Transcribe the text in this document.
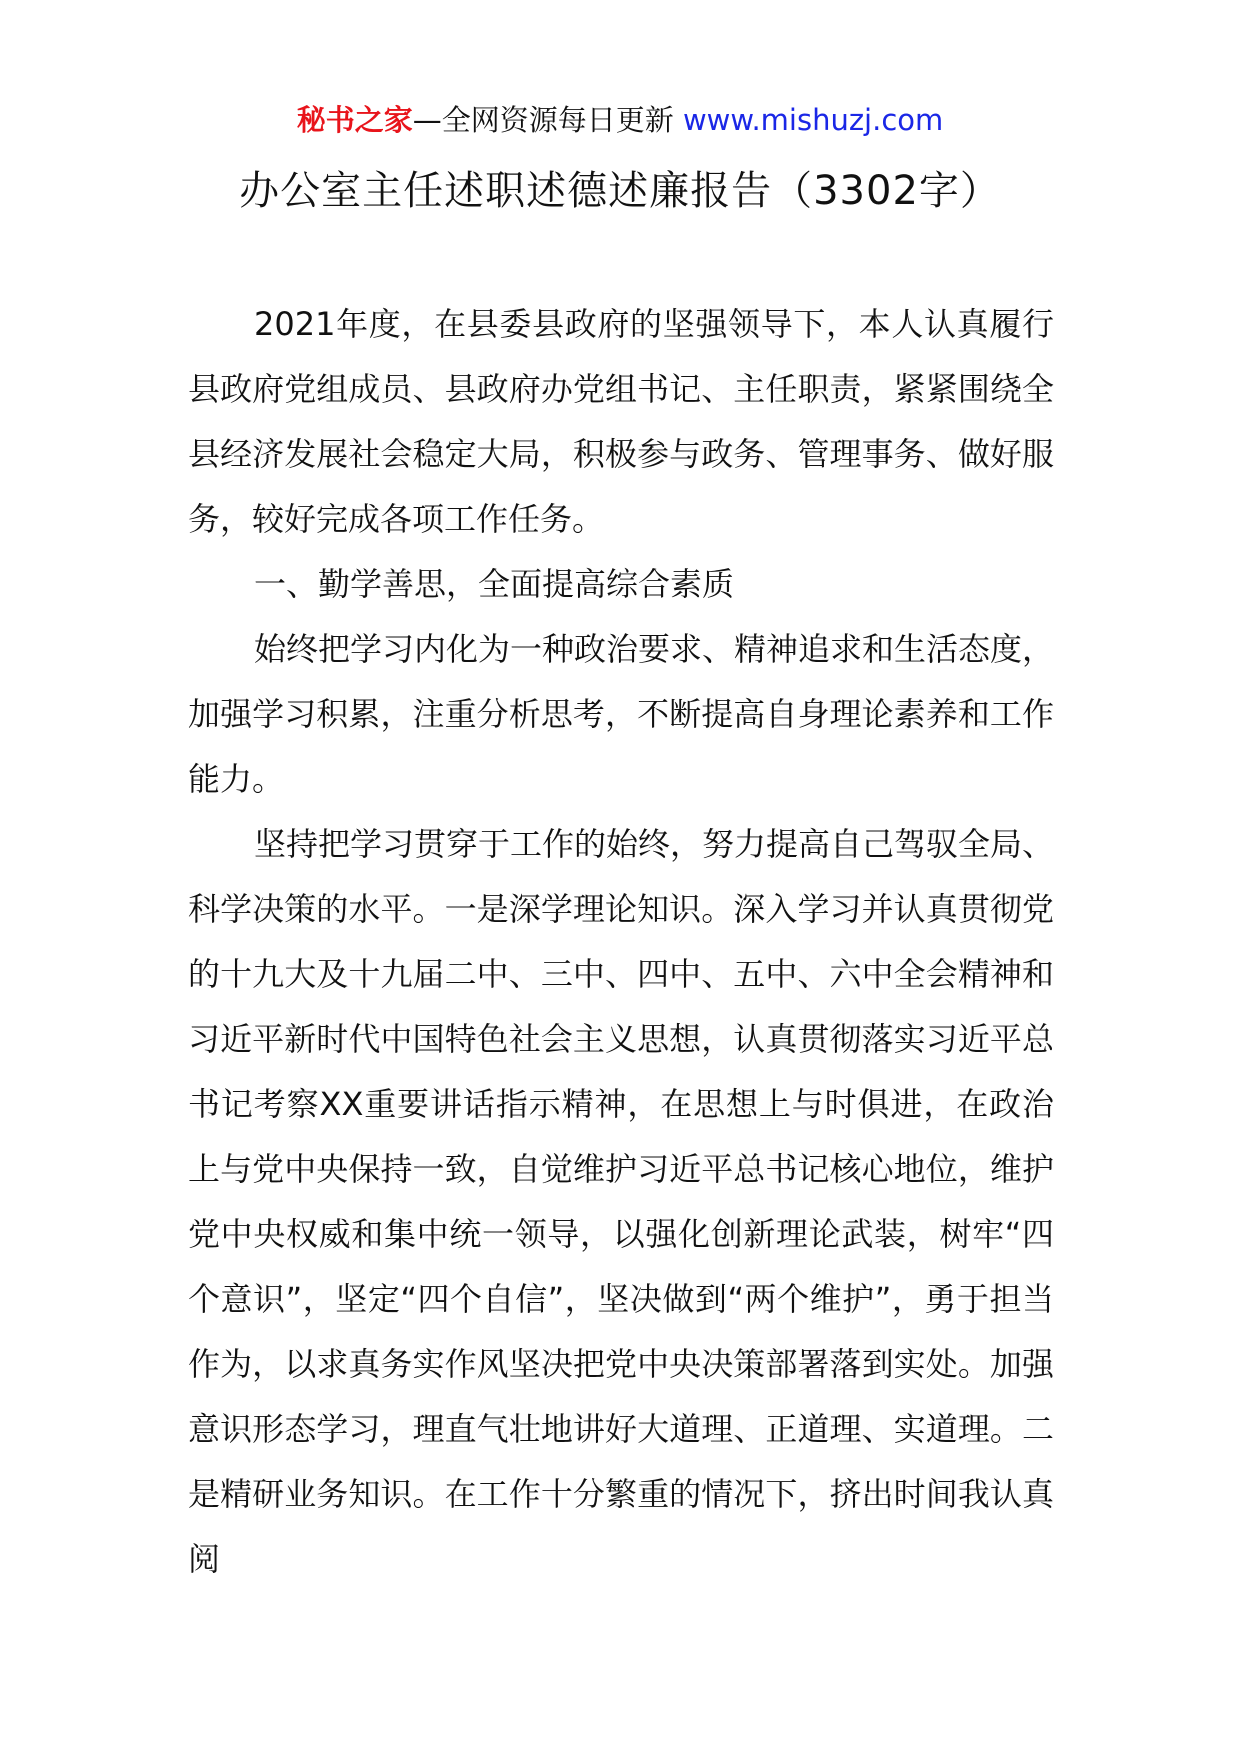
秘书之家—全网资源每日更新 www.mishuzj.com
办公室主任述职述德述廉报告（3302字）

2021年度，在县委县政府的坚强领导下，本人认真履行县政府党组成员、县政府办党组书记、主任职责，紧紧围绕全县经济发展社会稳定大局，积极参与政务、管理事务、做好服务，较好完成各项工作任务。

一、勤学善思，全面提高综合素质

始终把学习内化为一种政治要求、精神追求和生活态度，加强学习积累，注重分析思考，不断提高自身理论素养和工作能力。

坚持把学习贯穿于工作的始终，努力提高自己驾驭全局、科学决策的水平。一是深学理论知识。深入学习并认真贯彻党的十九大及十九届二中、三中、四中、五中、六中全会精神和习近平新时代中国特色社会主义思想，认真贯彻落实习近平总书记考察XX重要讲话指示精神，在思想上与时俱进，在政治上与党中央保持一致，自觉维护习近平总书记核心地位，维护党中央权威和集中统一领导，以强化创新理论武装，树牢“四个意识”，坚定“四个自信”，坚决做到“两个维护”，勇于担当作为，以求真务实作风坚决把党中央决策部署落到实处。加强意识形态学习，理直气壮地讲好大道理、正道理、实道理。二是精研业务知识。在工作十分繁重的情况下，挤出时间我认真阅
